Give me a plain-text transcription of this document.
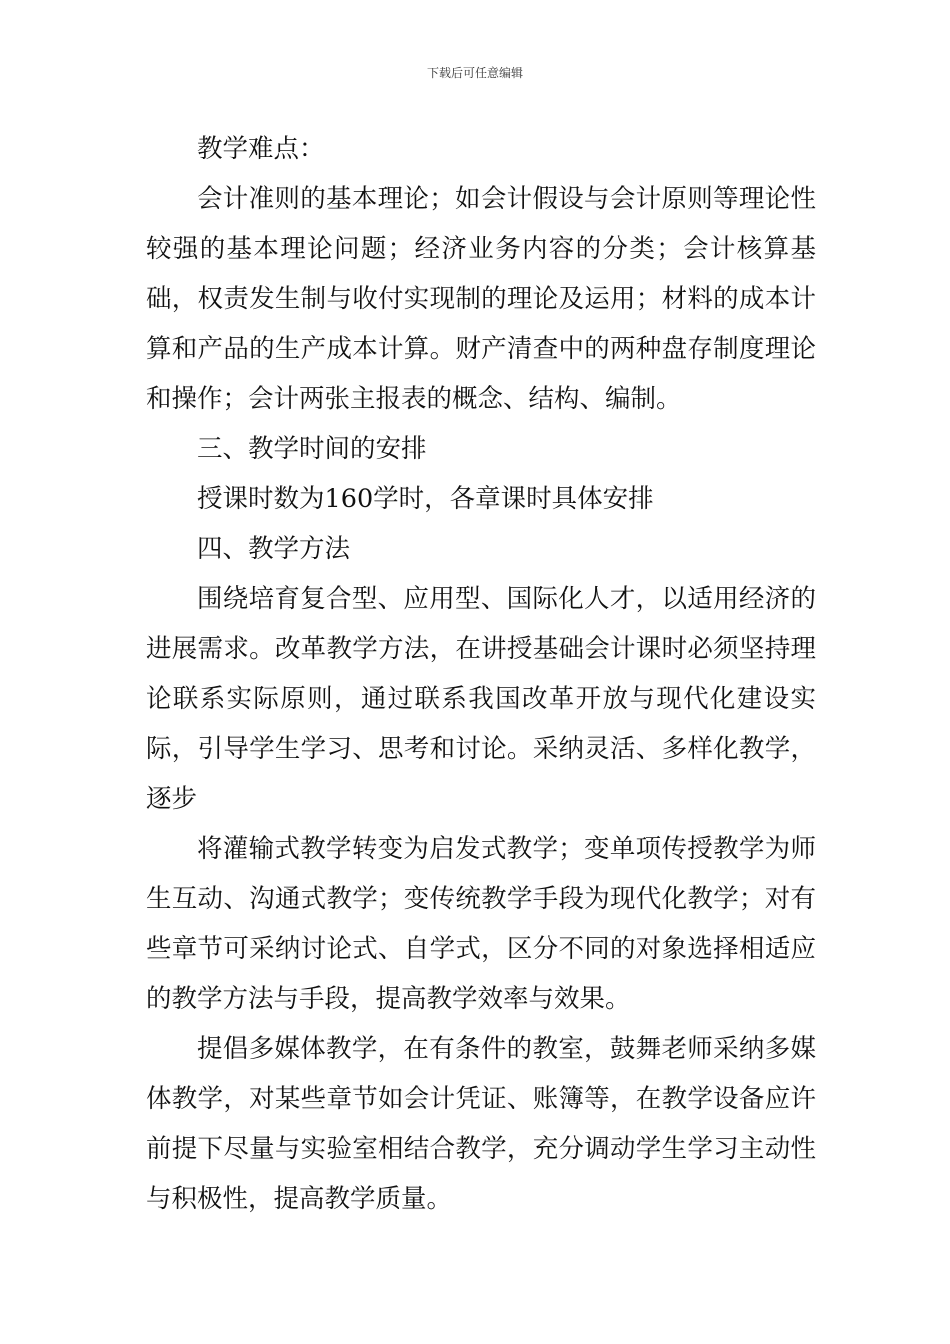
下载后可任意编辑

教学难点：

会计准则的基本理论；如会计假设与会计原则等理论性较强的基本理论问题；经济业务内容的分类；会计核算基础，权责发生制与收付实现制的理论及运用；材料的成本计算和产品的生产成本计算。财产清查中的两种盘存制度理论和操作；会计两张主报表的概念、结构、编制。

三、教学时间的安排

授课时数为160学时，各章课时具体安排

四、教学方法

围绕培育复合型、应用型、国际化人才，以适用经济的进展需求。改革教学方法，在讲授基础会计课时必须坚持理论联系实际原则，通过联系我国改革开放与现代化建设实际，引导学生学习、思考和讨论。采纳灵活、多样化教学，逐步

将灌输式教学转变为启发式教学；变单项传授教学为师生互动、沟通式教学；变传统教学手段为现代化教学；对有些章节可采纳讨论式、自学式，区分不同的对象选择相适应的教学方法与手段，提高教学效率与效果。

提倡多媒体教学，在有条件的教室，鼓舞老师采纳多媒体教学，对某些章节如会计凭证、账簿等，在教学设备应许前提下尽量与实验室相结合教学，充分调动学生学习主动性与积极性，提高教学质量。
